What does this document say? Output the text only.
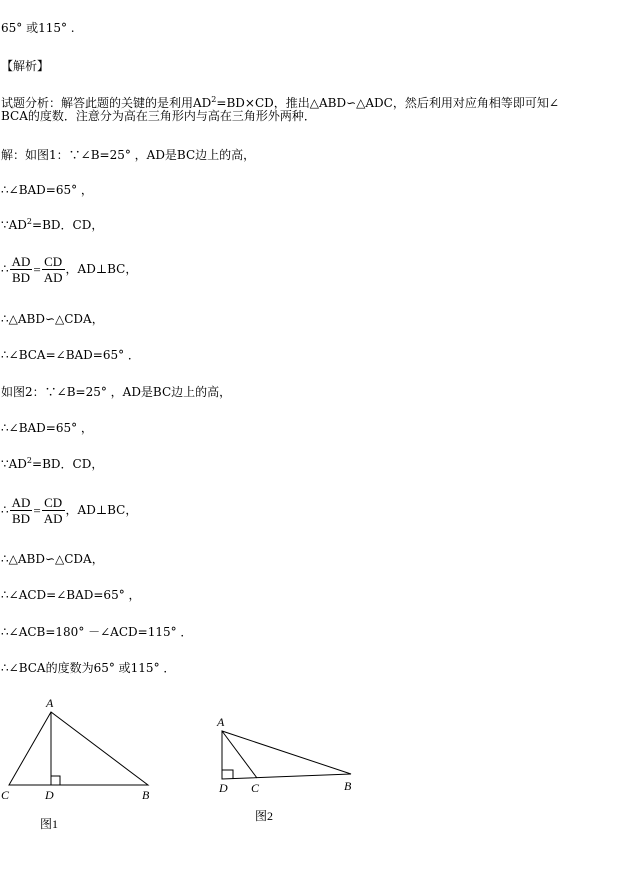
65° 或115° .
【解析】
试题分析：解答此题的关键的是利用$AD^2=BD\times CD$，推出△ABD∽△ADC，然后利用对应角相等即可知∠
BCA的度数．注意分为高在三角形内与高在三角形外两种．
解：如图1：∵∠B=25° ，AD是BC边上的高，
∴∠BAD=65° ，
$\because AD^2=BD$．CD，
∴ $\frac{AD}{BD} = \frac{CD}{AD}$ ，AD⊥BC，
∴△ABD∽△CDA，
∴∠BCA=∠BAD=65° ．
如图2：∵∠B=25° ，AD是BC边上的高，
∴∠BAD=65° ，
$\because AD^2=BD$．CD，
∴ $\frac{AD}{BD} = \frac{CD}{AD}$ ，AD⊥BC，
∴△ABD∽△CDA，
∴∠ACD=∠BAD=65° ，
∴∠ACB=180° －∠ACD=115° ．
∴∠BCA的度数为65° 或115° ．
A
C	D	B
图1
A
D C	B
图2
